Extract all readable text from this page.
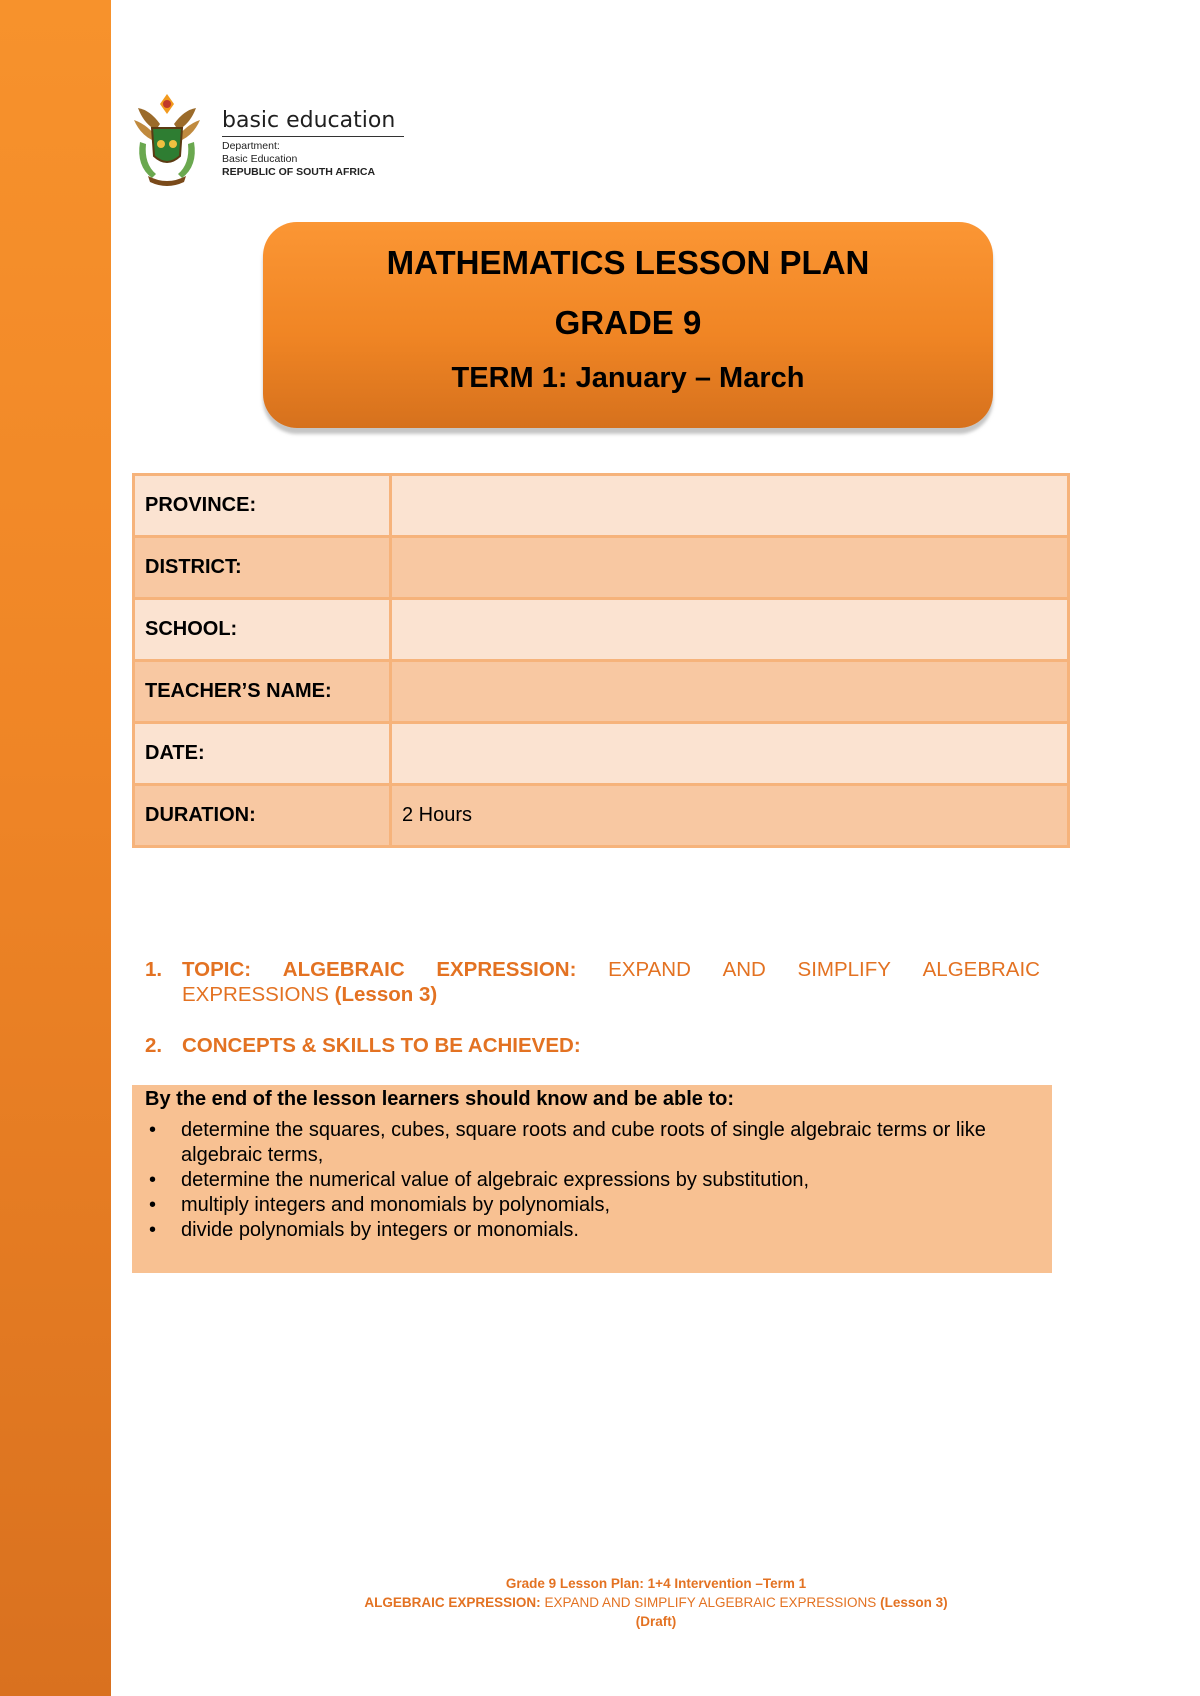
basic education
Department:
Basic Education
REPUBLIC OF SOUTH AFRICA
MATHEMATICS LESSON PLAN
GRADE 9
TERM 1: January – March
PROVINCE:	
DISTRICT:	
SCHOOL:	
TEACHER’S NAME:	
DATE:	
DURATION:	2 Hours
1. TOPIC: ALGEBRAIC EXPRESSION: EXPAND AND SIMPLIFY ALGEBRAIC
EXPRESSIONS (Lesson 3)
2. CONCEPTS & SKILLS TO BE ACHIEVED:
By the end of the lesson learners should know and be able to:
• determine the squares, cubes, square roots and cube roots of single algebraic terms or like algebraic terms,
• determine the numerical value of algebraic expressions by substitution,
• multiply integers and monomials by polynomials,
• divide polynomials by integers or monomials.
Grade 9 Lesson Plan: 1+4 Intervention –Term 1
ALGEBRAIC EXPRESSION: EXPAND AND SIMPLIFY ALGEBRAIC EXPRESSIONS (Lesson 3)
(Draft)
